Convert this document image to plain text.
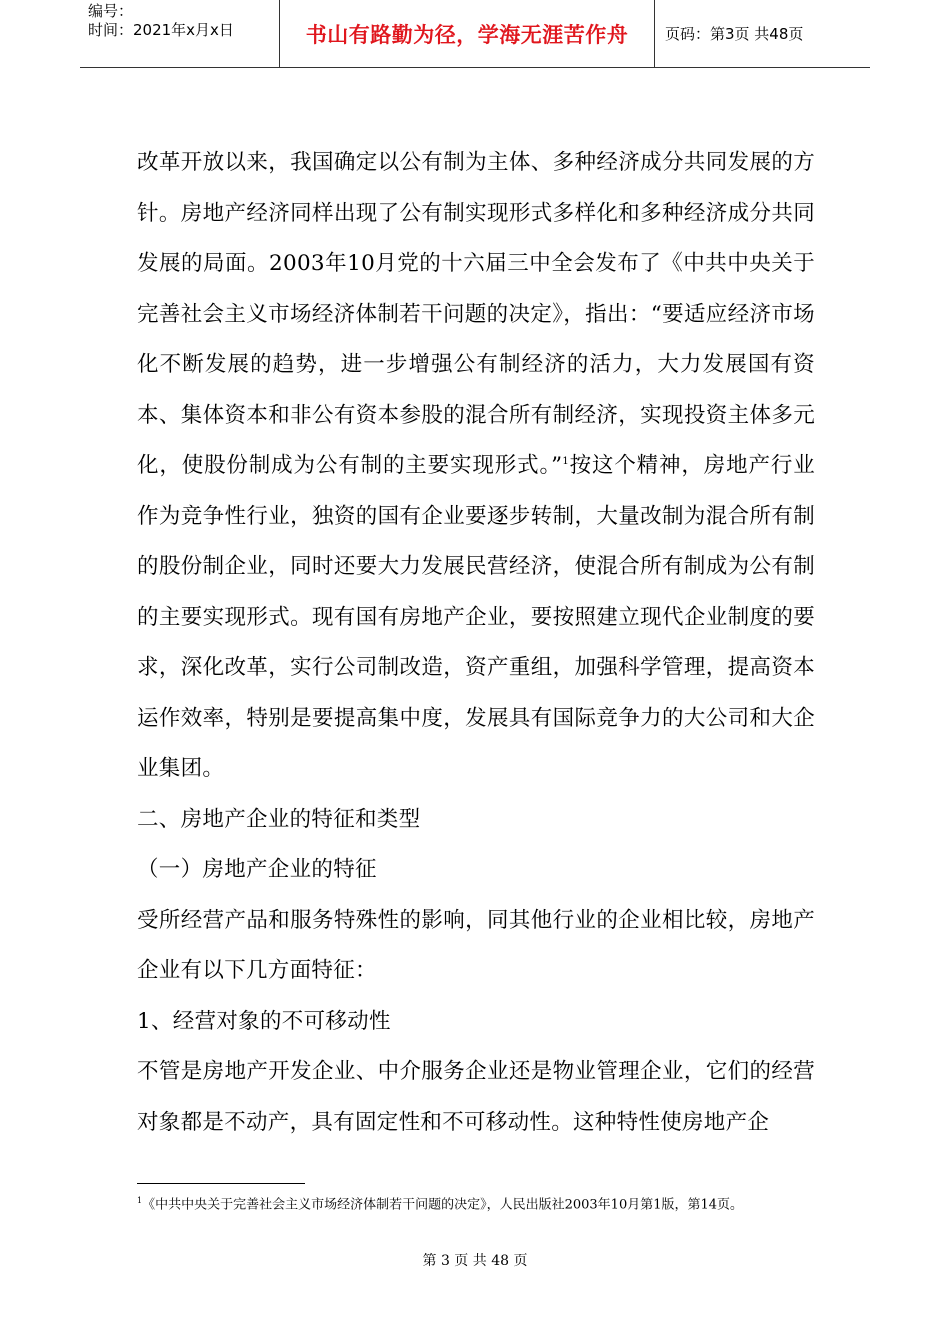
编号：
时间：2021年x月x日	书山有路勤为径，学海无涯苦作舟	页码：第3页 共48页

改革开放以来，我国确定以公有制为主体、多种经济成分共同发展的方针。房地产经济同样出现了公有制实现形式多样化和多种经济成分共同发展的局面。2003年10月党的十六届三中全会发布了《中共中央关于完善社会主义市场经济体制若干问题的决定》，指出：“要适应经济市场化不断发展的趋势，进一步增强公有制经济的活力，大力发展国有资本、集体资本和非公有资本参股的混合所有制经济，实现投资主体多元化，使股份制成为公有制的主要实现形式。”$^1$按这个精神，房地产行业作为竞争性行业，独资的国有企业要逐步转制，大量改制为混合所有制的股份制企业，同时还要大力发展民营经济，使混合所有制成为公有制的主要实现形式。现有国有房地产企业，要按照建立现代企业制度的要求，深化改革，实行公司制改造，资产重组，加强科学管理，提高资本运作效率，特别是要提高集中度，发展具有国际竞争力的大公司和大企业集团。

二、房地产企业的特征和类型

（一）房地产企业的特征

受所经营产品和服务特殊性的影响，同其他行业的企业相比较，房地产企业有以下几方面特征：

1、经营对象的不可移动性

不管是房地产开发企业、中介服务企业还是物业管理企业，它们的经营对象都是不动产，具有固定性和不可移动性。这种特性使房地产企

$^1$《中共中央关于完善社会主义市场经济体制若干问题的决定》，人民出版社2003年10月第1版，第14页。
第 3 页 共 48 页
